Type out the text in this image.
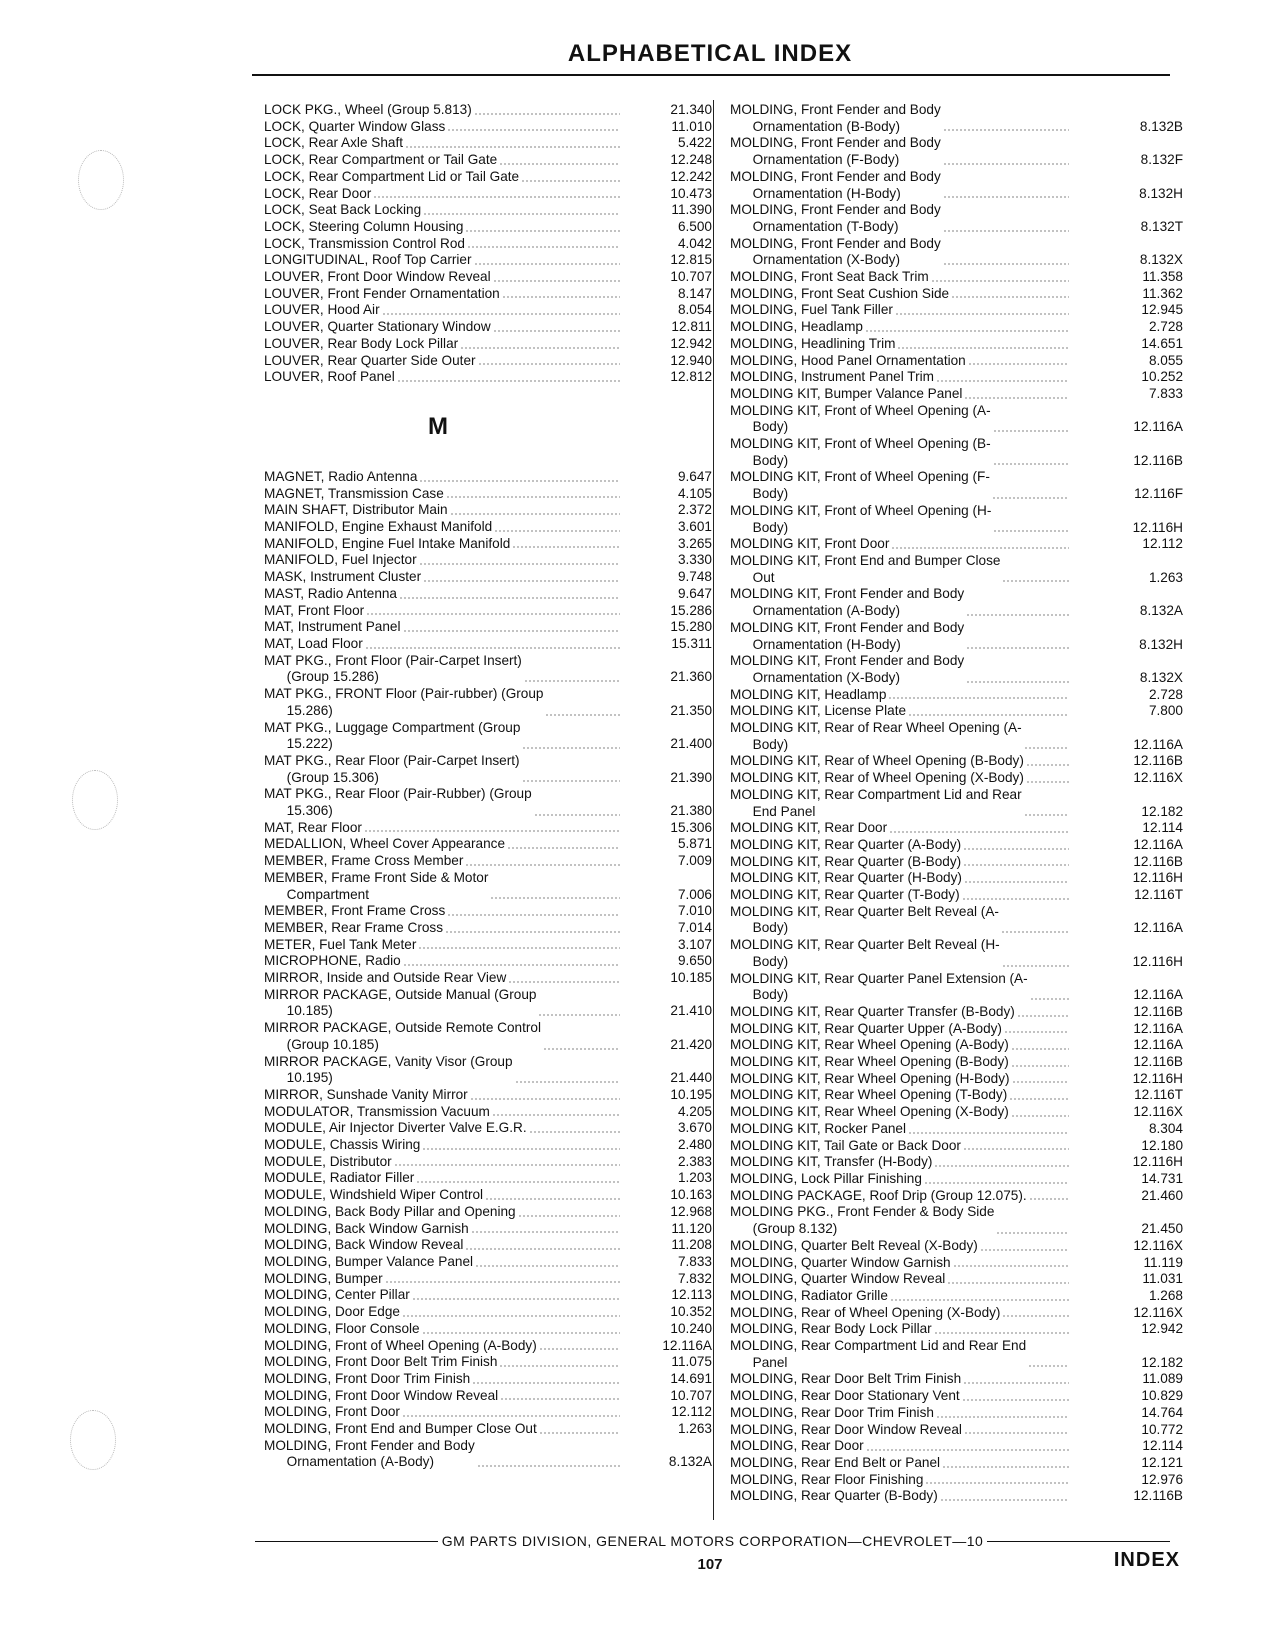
ALPHABETICAL INDEX
LOCK PKG., Wheel (Group 5.813)	21.340
LOCK, Quarter Window Glass	11.010
LOCK, Rear Axle Shaft	5.422
LOCK, Rear Compartment or Tail Gate	12.248
LOCK, Rear Compartment Lid or Tail Gate	12.242
LOCK, Rear Door	10.473
LOCK, Seat Back Locking	11.390
LOCK, Steering Column Housing	6.500
LOCK, Transmission Control Rod	4.042
LONGITUDINAL, Roof Top Carrier	12.815
LOUVER, Front Door Window Reveal	10.707
LOUVER, Front Fender Ornamentation	8.147
LOUVER, Hood Air	8.054
LOUVER, Quarter Stationary Window	12.811
LOUVER, Rear Body Lock Pillar	12.942
LOUVER, Rear Quarter Side Outer	12.940
LOUVER, Roof Panel	12.812
M
MAGNET, Radio Antenna	9.647
MAGNET, Transmission Case	4.105
MAIN SHAFT, Distributor Main	2.372
MANIFOLD, Engine Exhaust Manifold	3.601
MANIFOLD, Engine Fuel Intake Manifold	3.265
MANIFOLD, Fuel Injector	3.330
MASK, Instrument Cluster	9.748
MAST, Radio Antenna	9.647
MAT, Front Floor	15.286
MAT, Instrument Panel	15.280
MAT, Load Floor	15.311
MAT PKG., Front Floor (Pair-Carpet Insert)
(Group 15.286)	21.360
MAT PKG., FRONT Floor (Pair-rubber) (Group
15.286)	21.350
MAT PKG., Luggage Compartment (Group
15.222)	21.400
MAT PKG., Rear Floor (Pair-Carpet Insert)
(Group 15.306)	21.390
MAT PKG., Rear Floor (Pair-Rubber) (Group
15.306)	21.380
MAT, Rear Floor	15.306
MEDALLION, Wheel Cover Appearance	5.871
MEMBER, Frame Cross Member	7.009
MEMBER, Frame Front Side & Motor
Compartment	7.006
MEMBER, Front Frame Cross	7.010
MEMBER, Rear Frame Cross	7.014
METER, Fuel Tank Meter	3.107
MICROPHONE, Radio	9.650
MIRROR, Inside and Outside Rear View	10.185
MIRROR PACKAGE, Outside Manual (Group
10.185)	21.410
MIRROR PACKAGE, Outside Remote Control
(Group 10.185)	21.420
MIRROR PACKAGE, Vanity Visor (Group
10.195)	21.440
MIRROR, Sunshade Vanity Mirror	10.195
MODULATOR, Transmission Vacuum	4.205
MODULE, Air Injector Diverter Valve E.G.R.	3.670
MODULE, Chassis Wiring	2.480
MODULE, Distributor	2.383
MODULE, Radiator Filler	1.203
MODULE, Windshield Wiper Control	10.163
MOLDING, Back Body Pillar and Opening	12.968
MOLDING, Back Window Garnish	11.120
MOLDING, Back Window Reveal	11.208
MOLDING, Bumper Valance Panel	7.833
MOLDING, Bumper	7.832
MOLDING, Center Pillar	12.113
MOLDING, Door Edge	10.352
MOLDING, Floor Console	10.240
MOLDING, Front of Wheel Opening (A-Body)	12.116A
MOLDING, Front Door Belt Trim Finish	11.075
MOLDING, Front Door Trim Finish	14.691
MOLDING, Front Door Window Reveal	10.707
MOLDING, Front Door	12.112
MOLDING, Front End and Bumper Close Out	1.263
MOLDING, Front Fender and Body
Ornamentation (A-Body)	8.132A
MOLDING, Front Fender and Body
Ornamentation (B-Body)	8.132B
MOLDING, Front Fender and Body
Ornamentation (F-Body)	8.132F
MOLDING, Front Fender and Body
Ornamentation (H-Body)	8.132H
MOLDING, Front Fender and Body
Ornamentation (T-Body)	8.132T
MOLDING, Front Fender and Body
Ornamentation (X-Body)	8.132X
MOLDING, Front Seat Back Trim	11.358
MOLDING, Front Seat Cushion Side	11.362
MOLDING, Fuel Tank Filler	12.945
MOLDING, Headlamp	2.728
MOLDING, Headlining Trim	14.651
MOLDING, Hood Panel Ornamentation	8.055
MOLDING, Instrument Panel Trim	10.252
MOLDING KIT, Bumper Valance Panel	7.833
MOLDING KIT, Front of Wheel Opening (A-
Body)	12.116A
MOLDING KIT, Front of Wheel Opening (B-
Body)	12.116B
MOLDING KIT, Front of Wheel Opening (F-
Body)	12.116F
MOLDING KIT, Front of Wheel Opening (H-
Body)	12.116H
MOLDING KIT, Front Door	12.112
MOLDING KIT, Front End and Bumper Close
Out	1.263
MOLDING KIT, Front Fender and Body
Ornamentation (A-Body)	8.132A
MOLDING KIT, Front Fender and Body
Ornamentation (H-Body)	8.132H
MOLDING KIT, Front Fender and Body
Ornamentation (X-Body)	8.132X
MOLDING KIT, Headlamp	2.728
MOLDING KIT, License Plate	7.800
MOLDING KIT, Rear of Rear Wheel Opening (A-
Body)	12.116A
MOLDING KIT, Rear of Wheel Opening (B-Body)	12.116B
MOLDING KIT, Rear of Wheel Opening (X-Body)	12.116X
MOLDING KIT, Rear Compartment Lid and Rear
End Panel	12.182
MOLDING KIT, Rear Door	12.114
MOLDING KIT, Rear Quarter (A-Body)	12.116A
MOLDING KIT, Rear Quarter (B-Body)	12.116B
MOLDING KIT, Rear Quarter (H-Body)	12.116H
MOLDING KIT, Rear Quarter (T-Body)	12.116T
MOLDING KIT, Rear Quarter Belt Reveal (A-
Body)	12.116A
MOLDING KIT, Rear Quarter Belt Reveal (H-
Body)	12.116H
MOLDING KIT, Rear Quarter Panel Extension (A-
Body)	12.116A
MOLDING KIT, Rear Quarter Transfer (B-Body)	12.116B
MOLDING KIT, Rear Quarter Upper (A-Body)	12.116A
MOLDING KIT, Rear Wheel Opening (A-Body)	12.116A
MOLDING KIT, Rear Wheel Opening (B-Body)	12.116B
MOLDING KIT, Rear Wheel Opening (H-Body)	12.116H
MOLDING KIT, Rear Wheel Opening (T-Body)	12.116T
MOLDING KIT, Rear Wheel Opening (X-Body)	12.116X
MOLDING KIT, Rocker Panel	8.304
MOLDING KIT, Tail Gate or Back Door	12.180
MOLDING KIT, Transfer (H-Body)	12.116H
MOLDING, Lock Pillar Finishing	14.731
MOLDING PACKAGE, Roof Drip (Group 12.075).	21.460
MOLDING PKG., Front Fender & Body Side
(Group 8.132)	21.450
MOLDING, Quarter Belt Reveal (X-Body)	12.116X
MOLDING, Quarter Window Garnish	11.119
MOLDING, Quarter Window Reveal	11.031
MOLDING, Radiator Grille	1.268
MOLDING, Rear of Wheel Opening (X-Body)	12.116X
MOLDING, Rear Body Lock Pillar	12.942
MOLDING, Rear Compartment Lid and Rear End
Panel	12.182
MOLDING, Rear Door Belt Trim Finish	11.089
MOLDING, Rear Door Stationary Vent	10.829
MOLDING, Rear Door Trim Finish	14.764
MOLDING, Rear Door Window Reveal	10.772
MOLDING, Rear Door	12.114
MOLDING, Rear End Belt or Panel	12.121
MOLDING, Rear Floor Finishing	12.976
MOLDING, Rear Quarter (B-Body)	12.116B
GM PARTS DIVISION, GENERAL MOTORS CORPORATION—CHEVROLET—10
107	INDEX
